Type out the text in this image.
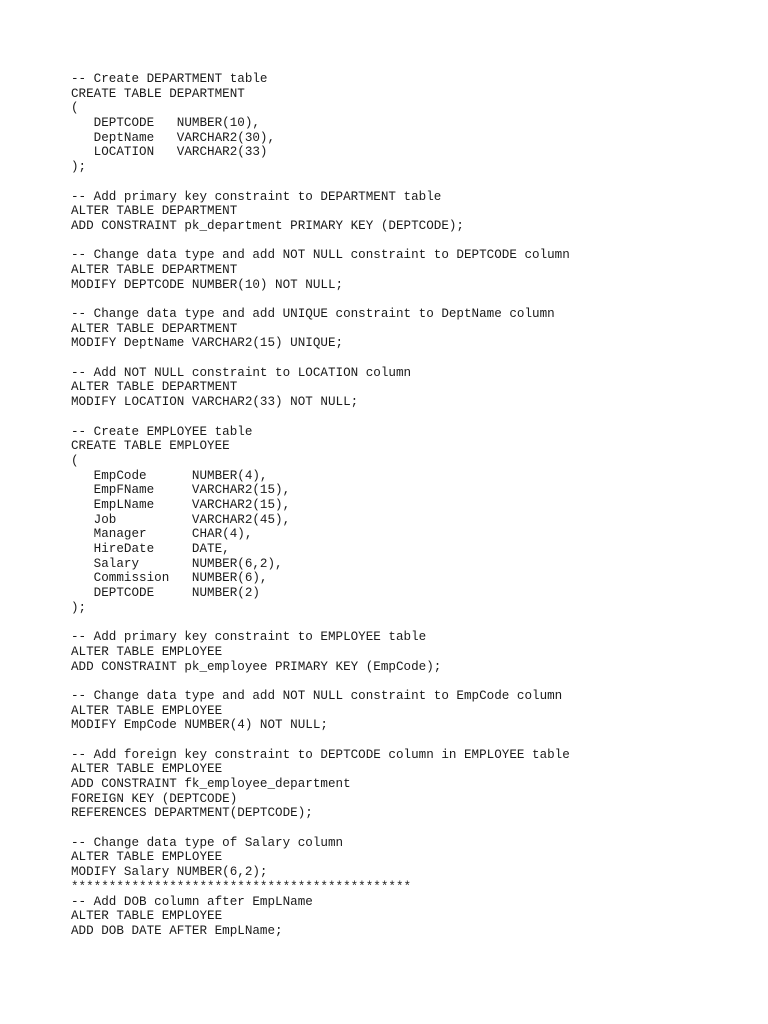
-- Create DEPARTMENT table
CREATE TABLE DEPARTMENT
(
DEPTCODE   NUMBER(10),
DeptName   VARCHAR2(30),
LOCATION   VARCHAR2(33)
);
-- Add primary key constraint to DEPARTMENT table
ALTER TABLE DEPARTMENT
ADD CONSTRAINT pk_department PRIMARY KEY (DEPTCODE);
-- Change data type and add NOT NULL constraint to DEPTCODE column
ALTER TABLE DEPARTMENT
MODIFY DEPTCODE NUMBER(10) NOT NULL;
-- Change data type and add UNIQUE constraint to DeptName column
ALTER TABLE DEPARTMENT
MODIFY DeptName VARCHAR2(15) UNIQUE;
-- Add NOT NULL constraint to LOCATION column
ALTER TABLE DEPARTMENT
MODIFY LOCATION VARCHAR2(33) NOT NULL;
-- Create EMPLOYEE table
CREATE TABLE EMPLOYEE
(
EmpCode      NUMBER(4),
EmpFName     VARCHAR2(15),
EmpLName     VARCHAR2(15),
Job          VARCHAR2(45),
Manager      CHAR(4),
HireDate     DATE,
Salary       NUMBER(6,2),
Commission   NUMBER(6),
DEPTCODE     NUMBER(2)
);
-- Add primary key constraint to EMPLOYEE table
ALTER TABLE EMPLOYEE
ADD CONSTRAINT pk_employee PRIMARY KEY (EmpCode);
-- Change data type and add NOT NULL constraint to EmpCode column
ALTER TABLE EMPLOYEE
MODIFY EmpCode NUMBER(4) NOT NULL;
-- Add foreign key constraint to DEPTCODE column in EMPLOYEE table
ALTER TABLE EMPLOYEE
ADD CONSTRAINT fk_employee_department
FOREIGN KEY (DEPTCODE)
REFERENCES DEPARTMENT(DEPTCODE);
-- Change data type of Salary column
ALTER TABLE EMPLOYEE
MODIFY Salary NUMBER(6,2);
*********************************************
-- Add DOB column after EmpLName
ALTER TABLE EMPLOYEE
ADD DOB DATE AFTER EmpLName;
